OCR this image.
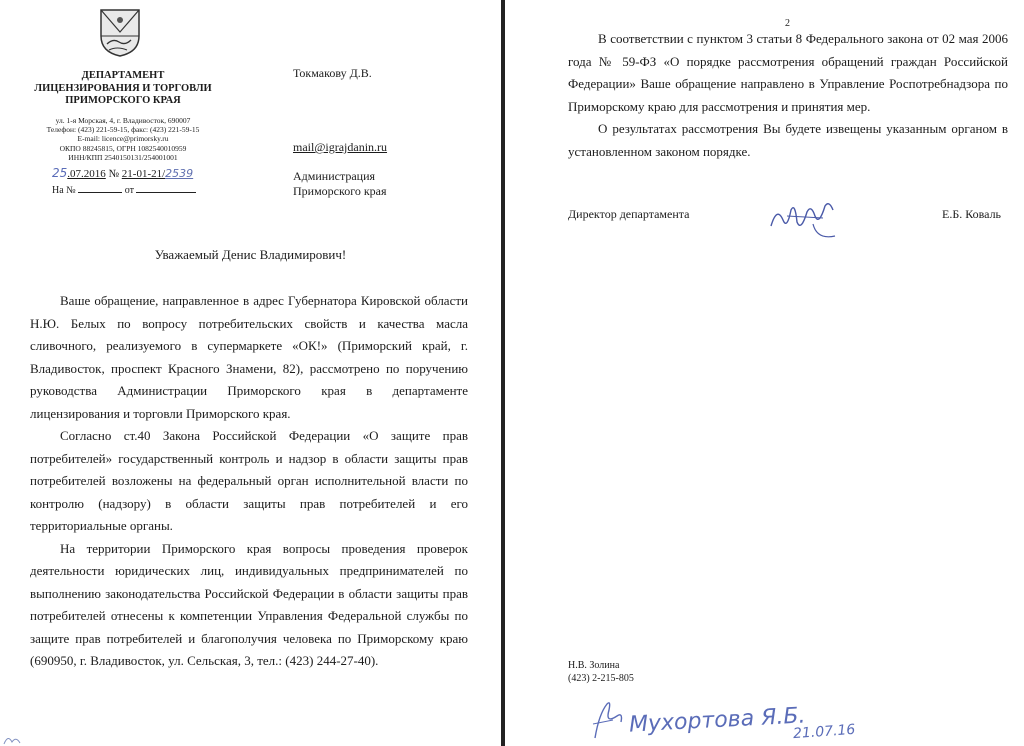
ДЕПАРТАМЕНТ
ЛИЦЕНЗИРОВАНИЯ И ТОРГОВЛИ
ПРИМОРСКОГО КРАЯ
ул. 1-я Морская, 4, г. Владивосток, 690007
Телефон: (423) 221-59-15, факс: (423) 221-59-15
E-mail: licence@primorsky.ru
ОКПО 88245815, ОГРН 1082540010959
ИНН/КПП 2540150131/254001001
25.07.2016 № 21-01-21/2539
На №	от
Токмакову Д.В.
mail@igrajdanin.ru
Администрация
Приморского края
Уважаемый Денис Владимирович!

Ваше обращение, направленное в адрес Губернатора Кировской области Н.Ю. Белых по вопросу потребительских свойств и качества масла сливочного, реализуемого в супермаркете «ОК!» (Приморский край, г. Владивосток, проспект Красного Знамени, 82), рассмотрено по поручению руководства Администрации Приморского края в департаменте лицензирования и торговли Приморского края.

Согласно ст.40 Закона Российской Федерации «О защите прав потребителей» государственный контроль и надзор в области защиты прав потребителей возложены на федеральный орган исполнительной власти по контролю (надзору) в области защиты прав потребителей и его территориальные органы.

На территории Приморского края вопросы проведения проверок деятельности юридических лиц, индивидуальных предпринимателей по выполнению законодательства Российской Федерации в области защиты прав потребителей отнесены к компетенции Управления Федеральной службы по защите прав потребителей и благополучия человека по Приморскому краю (690950, г. Владивосток, ул. Сельская, 3, тел.: (423) 244-27-40).

2

В соответствии с пунктом 3 статьи 8 Федерального закона от 02 мая 2006 года № 59-ФЗ «О порядке рассмотрения обращений граждан Российской Федерации» Ваше обращение направлено в Управление Роспотребнадзора по Приморскому краю для рассмотрения и принятия мер.

О результатах рассмотрения Вы будете извещены указанным органом в установленном законом порядке.

Директор департамента	Е.Б. Коваль
Н.В. Золина
(423) 2-215-805
Мухортова Я.Б.
21.07.16
